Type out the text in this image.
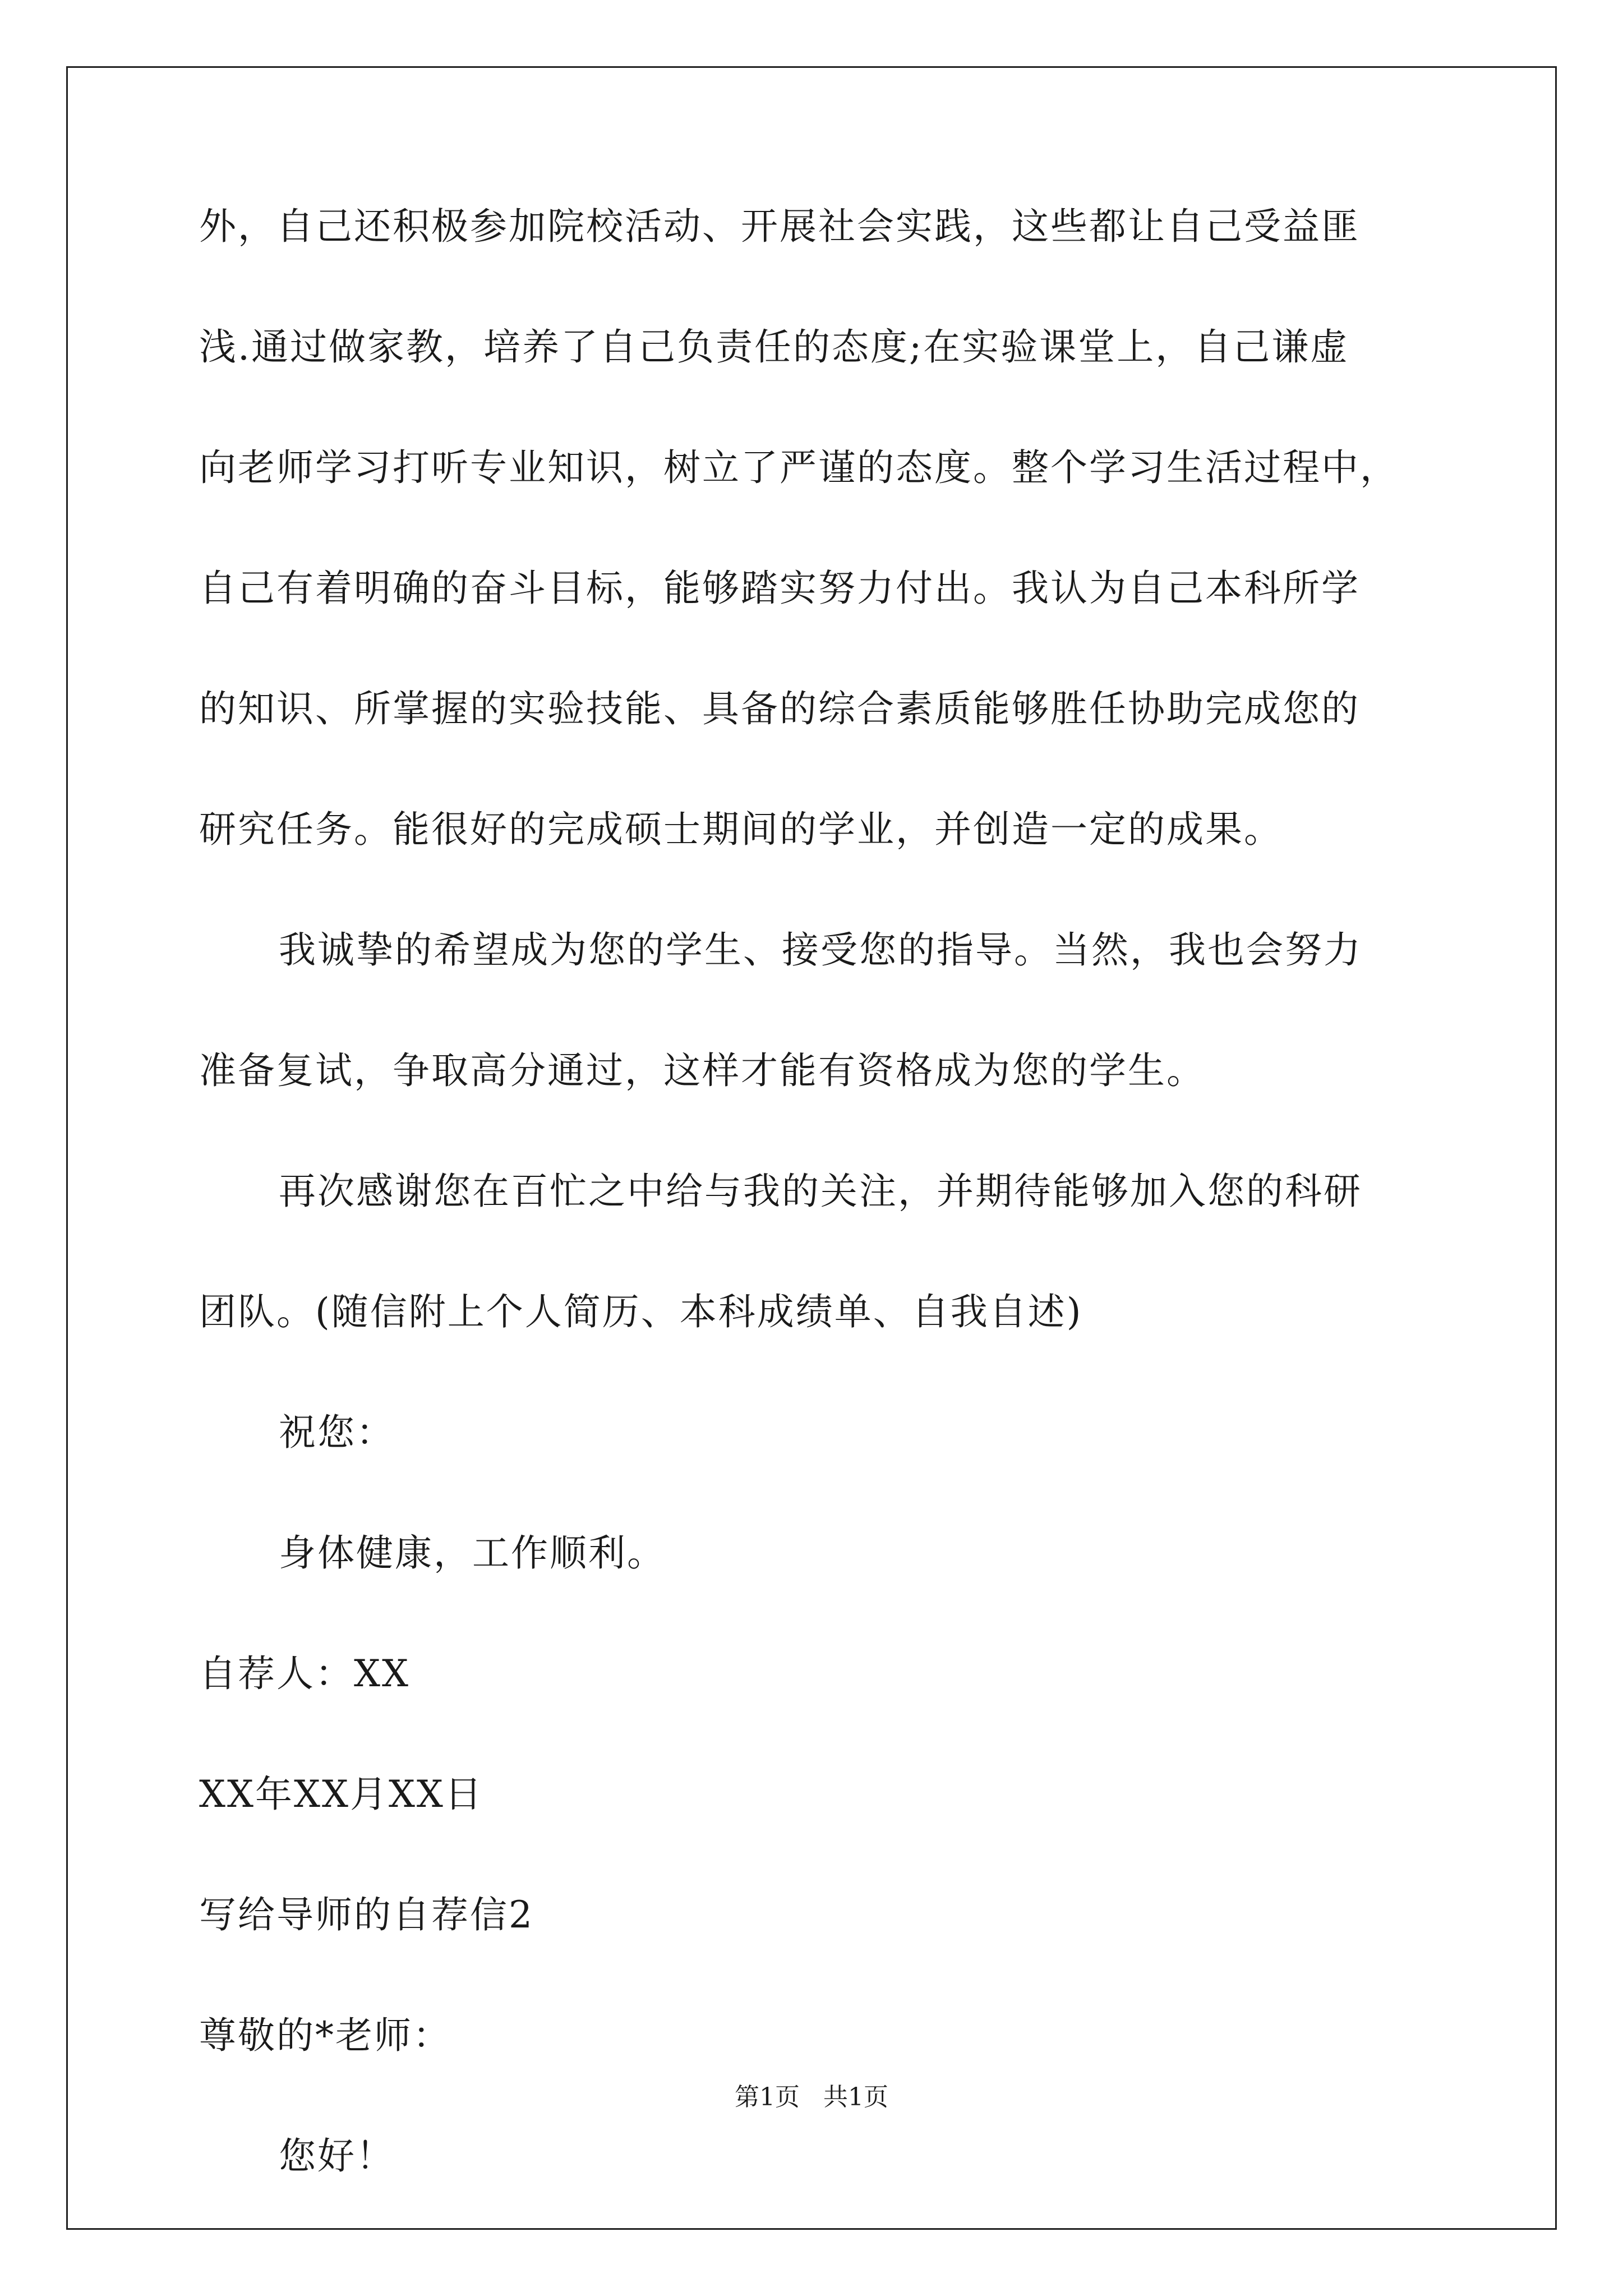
外，自己还积极参加院校活动、开展社会实践，这些都让自己受益匪
浅.通过做家教，培养了自己负责任的态度;在实验课堂上，自己谦虚
向老师学习打听专业知识，树立了严谨的态度。整个学习生活过程中，
自己有着明确的奋斗目标，能够踏实努力付出。我认为自己本科所学
的知识、所掌握的实验技能、具备的综合素质能够胜任协助完成您的
研究任务。能很好的完成硕士期间的学业，并创造一定的成果。
我诚挚的希望成为您的学生、接受您的指导。当然，我也会努力
准备复试，争取高分通过，这样才能有资格成为您的学生。
再次感谢您在百忙之中给与我的关注，并期待能够加入您的科研
团队。(随信附上个人简历、本科成绩单、自我自述)
祝您：
身体健康，工作顺利。
自荐人：XX
XX年XX月XX日
写给导师的自荐信2
尊敬的*老师：
您好！
第1页   共1页
